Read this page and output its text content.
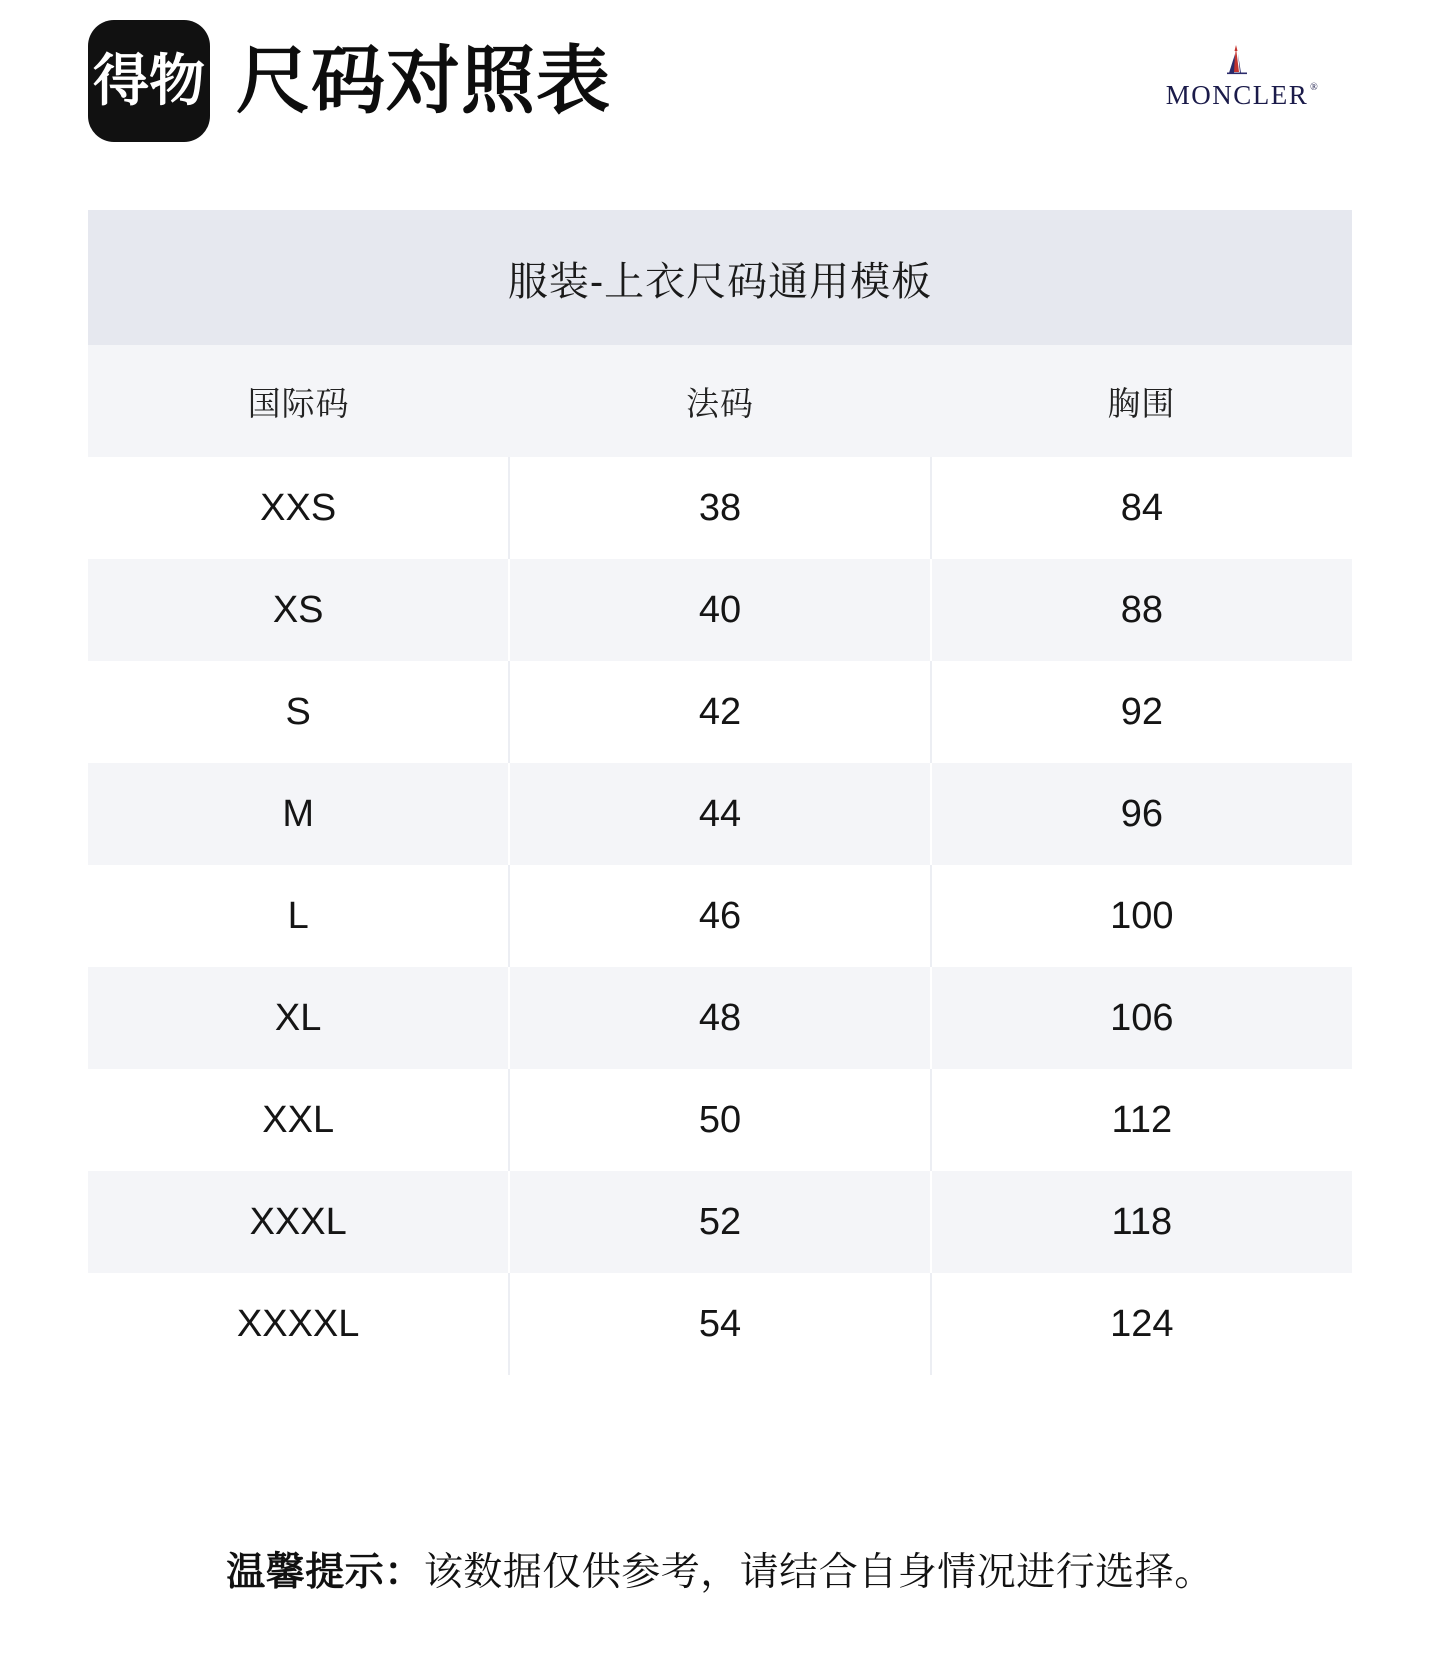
得物 尺码对照表	MONCLER ®
服装-上衣尺码通用模板
国际码	法码	胸围
XXS	38	84
XS	40	88
S	42	92
M	44	96
L	46	100
XL	48	106
XXL	50	112
XXXL	52	118
XXXXL	54	124
温馨提示： 该数据仅供参考，请结合自身情况进行选择。
